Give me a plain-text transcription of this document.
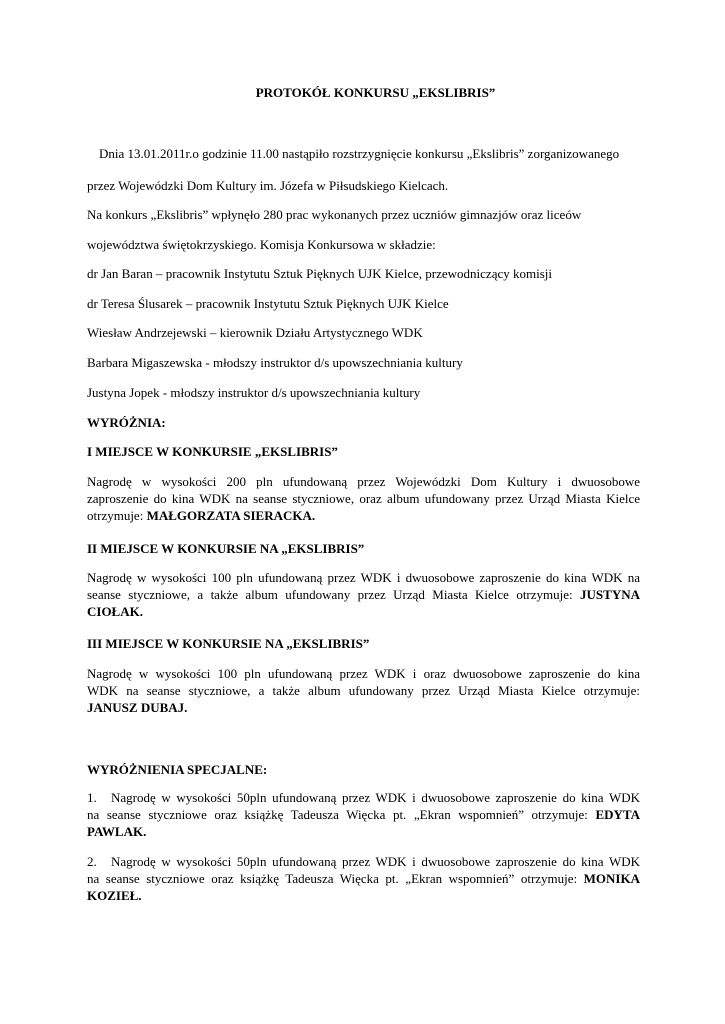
PROTOKÓŁ KONKURSU „EKSLIBRIS”
Dnia 13.01.2011r.o godzinie 11.00 nastąpiło rozstrzygnięcie konkursu „Ekslibris” zorganizowanego
przez Wojewódzki Dom Kultury im. Józefa w Piłsudskiego Kielcach.
Na konkurs „Ekslibris” wpłynęło 280 prac wykonanych przez uczniów gimnazjów oraz liceów
województwa świętokrzyskiego. Komisja Konkursowa w składzie:
dr Jan Baran – pracownik Instytutu Sztuk Pięknych UJK Kielce, przewodniczący komisji
dr Teresa Ślusarek – pracownik Instytutu Sztuk Pięknych UJK Kielce
Wiesław Andrzejewski – kierownik Działu Artystycznego WDK
Barbara Migaszewska - młodszy instruktor d/s upowszechniania kultury
Justyna Jopek - młodszy instruktor d/s upowszechniania kultury
WYRÓŻNIA:
I MIEJSCE W KONKURSIE „EKSLIBRIS”
Nagrodę w wysokości 200 pln ufundowaną przez Wojewódzki Dom Kultury i dwuosobowe
zaproszenie do kina WDK na seanse styczniowe, oraz album ufundowany przez Urząd Miasta Kielce
otrzymuje: MAŁGORZATA SIERACKA.
II MIEJSCE W KONKURSIE NA „EKSLIBRIS”
Nagrodę w wysokości 100 pln ufundowaną przez WDK i dwuosobowe zaproszenie do kina WDK na
seanse styczniowe, a także album ufundowany przez Urząd Miasta Kielce otrzymuje: JUSTYNA
CIOŁAK.
III MIEJSCE W KONKURSIE NA „EKSLIBRIS”
Nagrodę w wysokości 100 pln ufundowaną przez WDK i oraz dwuosobowe zaproszenie do kina
WDK na seanse styczniowe, a także album ufundowany przez Urząd Miasta Kielce otrzymuje:
JANUSZ DUBAJ.
WYRÓŻNIENIA SPECJALNE:
1. Nagrodę w wysokości 50pln ufundowaną przez WDK i dwuosobowe zaproszenie do kina WDK
na seanse styczniowe oraz książkę Tadeusza Więcka pt. „Ekran wspomnień” otrzymuje: EDYTA
PAWLAK.
2. Nagrodę w wysokości 50pln ufundowaną przez WDK i dwuosobowe zaproszenie do kina WDK
na seanse styczniowe oraz książkę Tadeusza Więcka pt. „Ekran wspomnień” otrzymuje: MONIKA
KOZIEŁ.
